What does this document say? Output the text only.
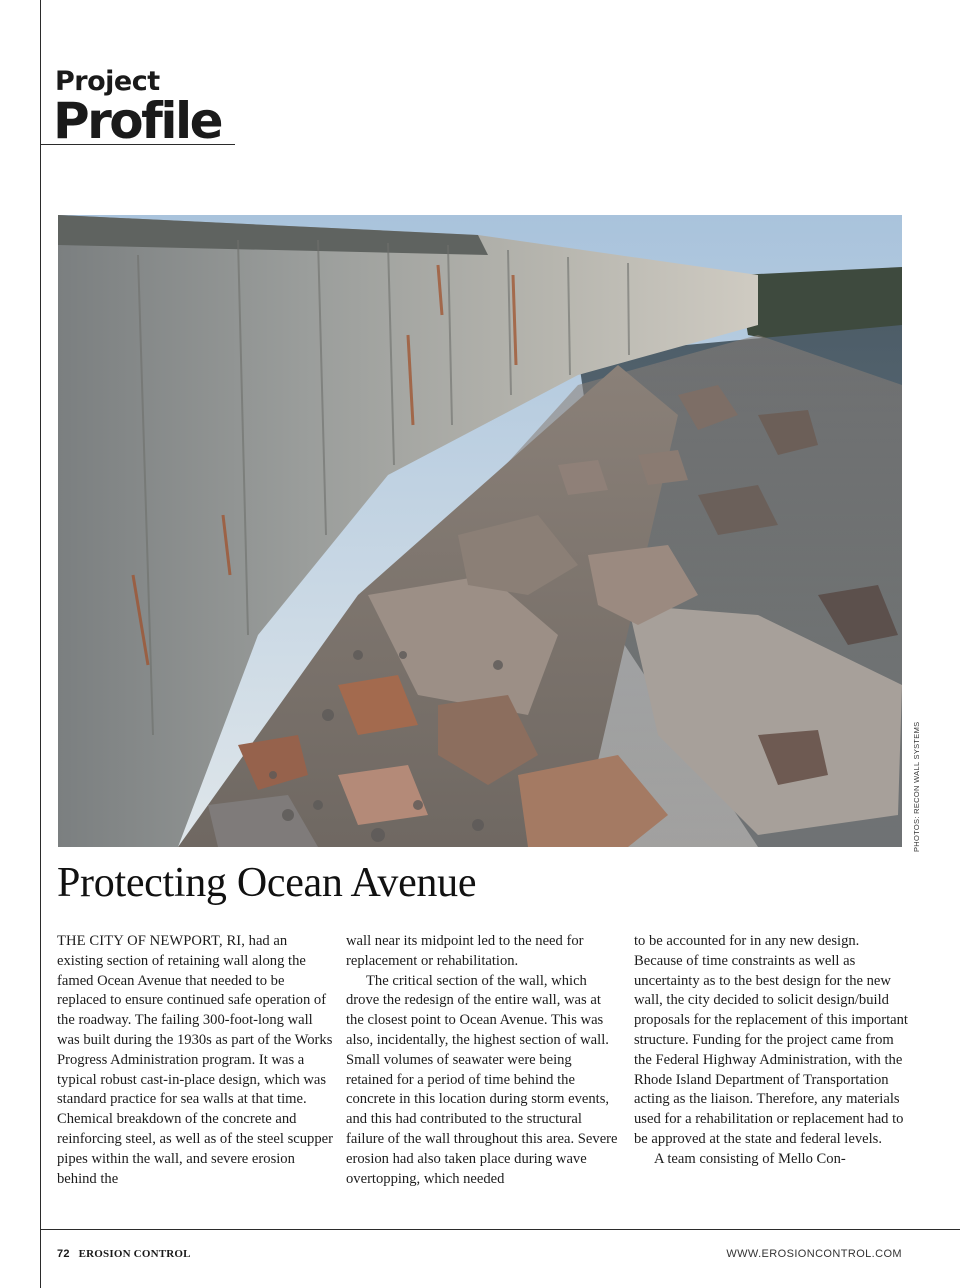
Project
Profile
PHOTOS: RECON WALL SYSTEMS
Protecting Ocean Avenue

THE CITY OF NEWPORT, RI, had an existing section of retaining wall along the famed Ocean Avenue that needed to be replaced to ensure continued safe operation of the roadway. The failing 300-foot-long wall was built during the 1930s as part of the Works Progress Administration program. It was a typical robust cast-in-place design, which was standard practice for sea walls at that time. Chemical breakdown of the concrete and reinforcing steel, as well as of the steel scupper pipes within the wall, and severe erosion behind the

wall near its midpoint led to the need for replacement or rehabilitation.

The critical section of the wall, which drove the redesign of the entire wall, was at the closest point to Ocean Avenue. This was also, incidentally, the highest section of wall. Small volumes of seawater were being retained for a period of time behind the concrete in this location during storm events, and this had contributed to the structural failure of the wall throughout this area. Severe erosion had also taken place during wave overtopping, which needed

to be accounted for in any new design. Because of time constraints as well as uncertainty as to the best design for the new wall, the city decided to solicit design/build proposals for the replacement of this important structure. Funding for the project came from the Federal Highway Administration, with the Rhode Island Department of Transportation acting as the liaison. Therefore, any materials used for a rehabilitation or replacement had to be approved at the state and federal levels.

A team consisting of Mello Con-

72 EROSION CONTROL	WWW.EROSIONCONTROL.COM
